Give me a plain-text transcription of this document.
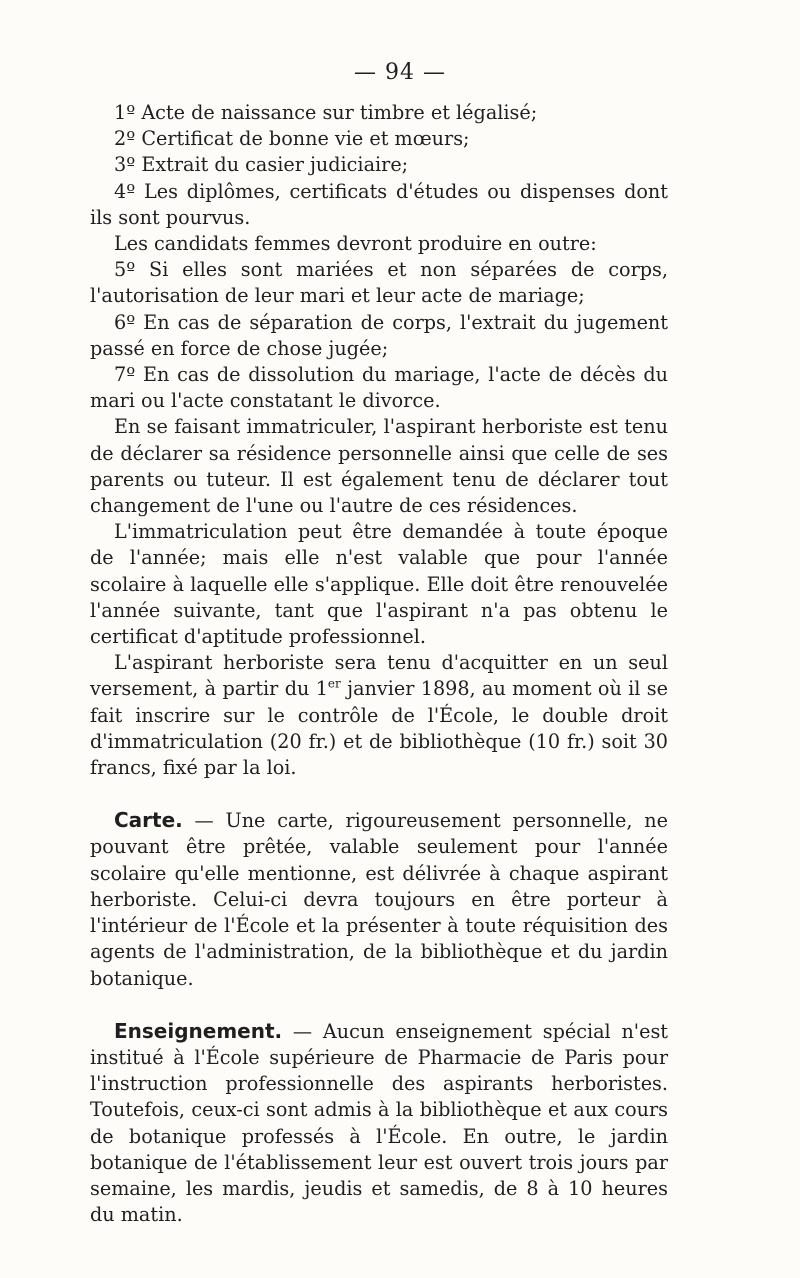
— 94 —

1º Acte de naissance sur timbre et légalisé;

2º Certificat de bonne vie et mœurs;

3º Extrait du casier judiciaire;

4º Les diplômes, certificats d'études ou dispenses dont ils sont pourvus.

Les candidats femmes devront produire en outre:

5º Si elles sont mariées et non séparées de corps, l'autorisation de leur mari et leur acte de mariage;

6º En cas de séparation de corps, l'extrait du jugement passé en force de chose jugée;

7º En cas de dissolution du mariage, l'acte de décès du mari ou l'acte constatant le divorce.

En se faisant immatriculer, l'aspirant herboriste est tenu de déclarer sa résidence personnelle ainsi que celle de ses parents ou tuteur. Il est également tenu de déclarer tout changement de l'une ou l'autre de ces résidences.

L'immatriculation peut être demandée à toute époque de l'année; mais elle n'est valable que pour l'année scolaire à laquelle elle s'applique. Elle doit être renouvelée l'année suivante, tant que l'aspirant n'a pas obtenu le certificat d'aptitude professionnel.

L'aspirant herboriste sera tenu d'acquitter en un seul versement, à partir du 1er janvier 1898, au moment où il se fait inscrire sur le contrôle de l'École, le double droit d'immatriculation (20 fr.) et de bibliothèque (10 fr.) soit 30 francs, fixé par la loi.

Carte. — Une carte, rigoureusement personnelle, ne pouvant être prêtée, valable seulement pour l'année scolaire qu'elle mentionne, est délivrée à chaque aspirant herboriste. Celui-ci devra toujours en être porteur à l'intérieur de l'École et la présenter à toute réquisition des agents de l'administration, de la bibliothèque et du jardin botanique.

Enseignement. — Aucun enseignement spécial n'est institué à l'École supérieure de Pharmacie de Paris pour l'instruction professionnelle des aspirants herboristes. Toutefois, ceux-ci sont admis à la bibliothèque et aux cours de botanique professés à l'École. En outre, le jardin botanique de l'établissement leur est ouvert trois jours par semaine, les mardis, jeudis et samedis, de 8 à 10 heures du matin.
